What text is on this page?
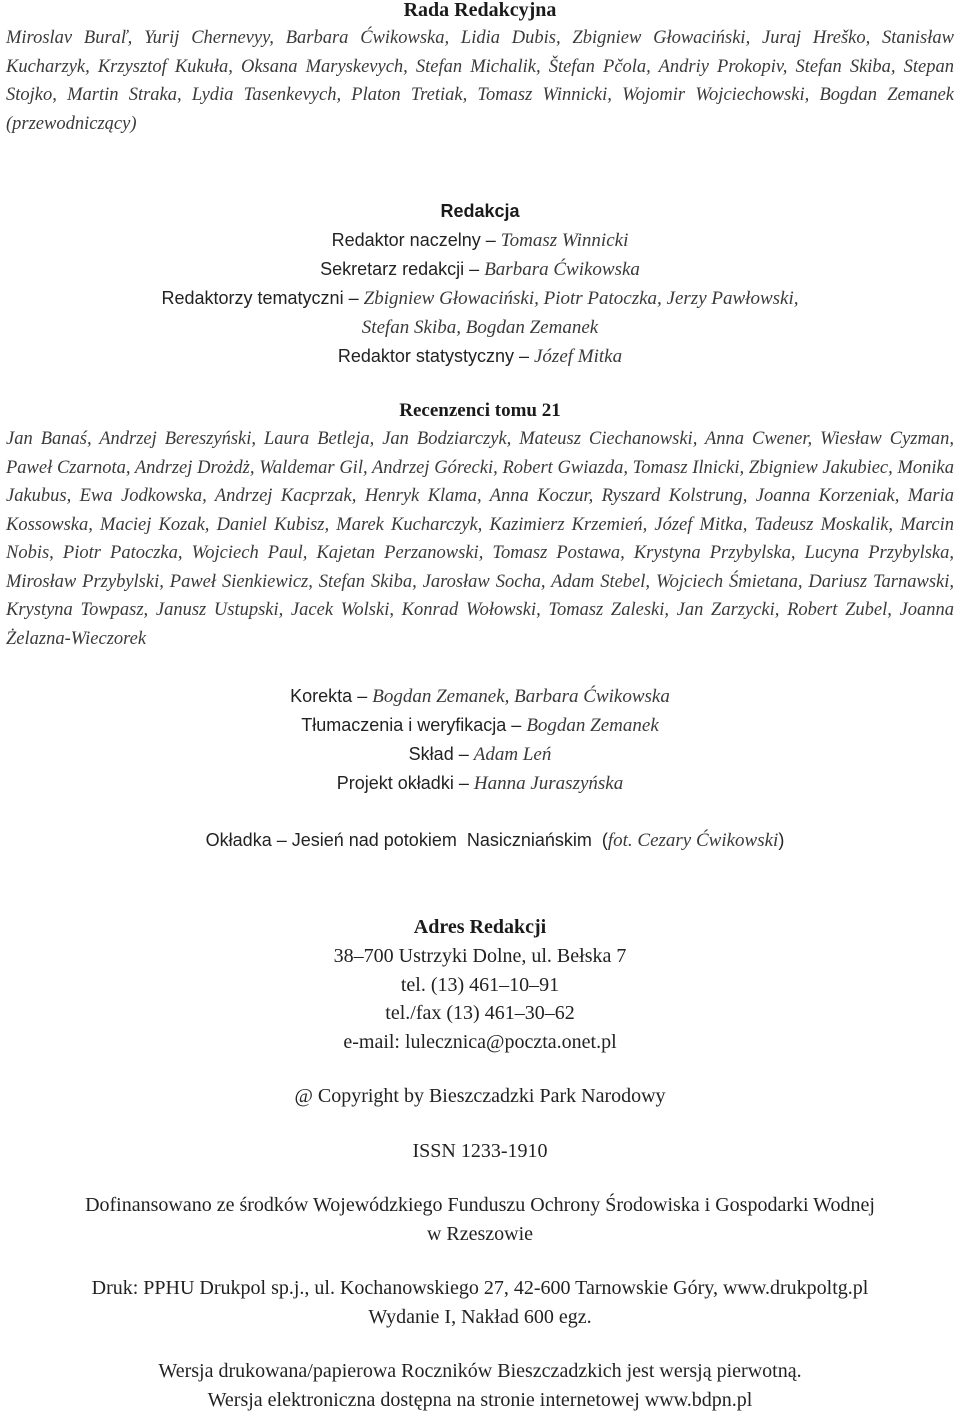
Rada Redakcyjna
Miroslav Buraľ, Yurij Chernevyy, Barbara Ćwikowska, Lidia Dubis, Zbigniew Głowaciński, Juraj Hreško, Stanisław Kucharzyk, Krzysztof Kukuła, Oksana Maryskevych, Stefan Michalik, Štefan Pčola, Andriy Prokopiv, Stefan Skiba, Stepan Stojko, Martin Straka, Lydia Tasenkevych, Platon Tretiak, Tomasz Winnicki, Wojomir Wojciechowski, Bogdan Zemanek (przewodniczący)
Redakcja
Redaktor naczelny – Tomasz Winnicki
Sekretarz redakcji – Barbara Ćwikowska
Redaktorzy tematyczni – Zbigniew Głowaciński, Piotr Patoczka, Jerzy Pawłowski,
Stefan Skiba, Bogdan Zemanek
Redaktor statystyczny – Józef Mitka
Recenzenci tomu 21
Jan Banaś, Andrzej Bereszyński, Laura Betleja, Jan Bodziarczyk, Mateusz Ciechanowski, Anna Cwener, Wiesław Cyzman, Paweł Czarnota, Andrzej Drożdż, Waldemar Gil, Andrzej Górecki, Robert Gwiazda, Tomasz Ilnicki, Zbigniew Jakubiec, Monika Jakubus, Ewa Jodkowska, Andrzej Kacprzak, Henryk Klama, Anna Koczur, Ryszard Kolstrung, Joanna Korzeniak, Maria Kossowska, Maciej Kozak, Daniel Kubisz, Marek Kucharczyk, Kazimierz Krzemień, Józef Mitka, Tadeusz Moskalik, Marcin Nobis, Piotr Patoczka, Wojciech Paul, Kajetan Perzanowski, Tomasz Postawa, Krystyna Przybylska, Lucyna Przybylska, Mirosław Przybylski, Paweł Sienkiewicz, Stefan Skiba, Jarosław Socha, Adam Stebel, Wojciech Śmietana, Dariusz Tarnawski, Krystyna Towpasz, Janusz Ustupski, Jacek Wolski, Konrad Wołowski, Tomasz Zaleski, Jan Zarzycki, Robert Zubel, Joanna Żelazna-Wieczorek
Korekta – Bogdan Zemanek, Barbara Ćwikowska
Tłumaczenia i weryfikacja – Bogdan Zemanek
Skład – Adam Leń
Projekt okładki – Hanna Juraszyńska

Okładka – Jesień nad potokiem  Nasiczniańskim  (fot. Cezary Ćwikowski)

Adres Redakcji
38–700 Ustrzyki Dolne, ul. Bełska 7
tel. (13) 461–10–91
tel./fax (13) 461–30–62
e-mail: lulecznica@poczta.onet.pl
@ Copyright by Bieszczadzki Park Narodowy
ISSN 1233-1910
Dofinansowano ze środków Wojewódzkiego Funduszu Ochrony Środowiska i Gospodarki Wodnej
w Rzeszowie
Druk: PPHU Drukpol sp.j., ul. Kochanowskiego 27, 42-600 Tarnowskie Góry, www.drukpoltg.pl
Wydanie I, Nakład 600 egz.
Wersja drukowana/papierowa Roczników Bieszczadzkich jest wersją pierwotną.
Wersja elektroniczna dostępna na stronie internetowej www.bdpn.pl
